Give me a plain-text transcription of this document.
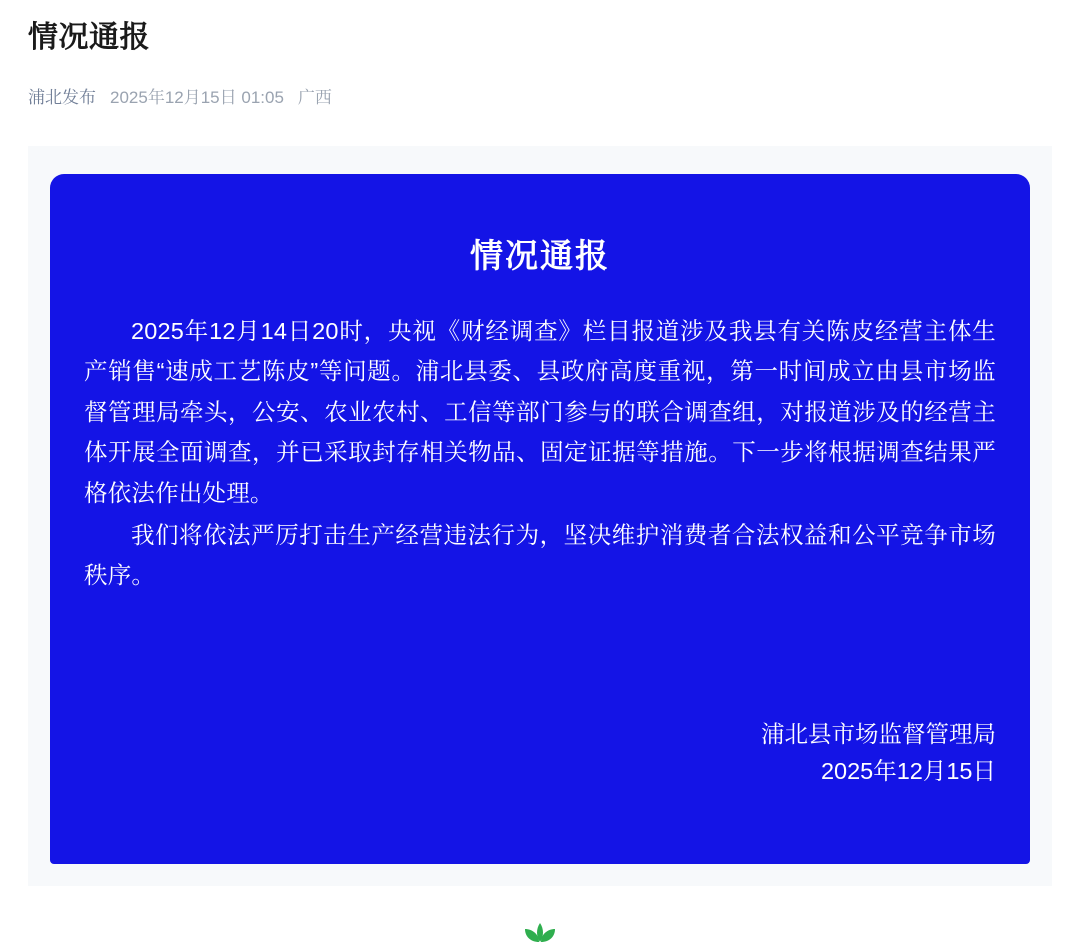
情况通报
浦北发布 2025年12月15日 01:05 广西
情况通报

2025年12月14日20时，央视《财经调查》栏目报道涉及我县有关陈皮经营主体生产销售“速成工艺陈皮”等问题。浦北县委、县政府高度重视，第一时间成立由县市场监督管理局牵头，公安、农业农村、工信等部门参与的联合调查组，对报道涉及的经营主体开展全面调查，并已采取封存相关物品、固定证据等措施。下一步将根据调查结果严格依法作出处理。

我们将依法严厉打击生产经营违法行为，坚决维护消费者合法权益和公平竞争市场秩序。

浦北县市场监督管理局
2025年12月15日
